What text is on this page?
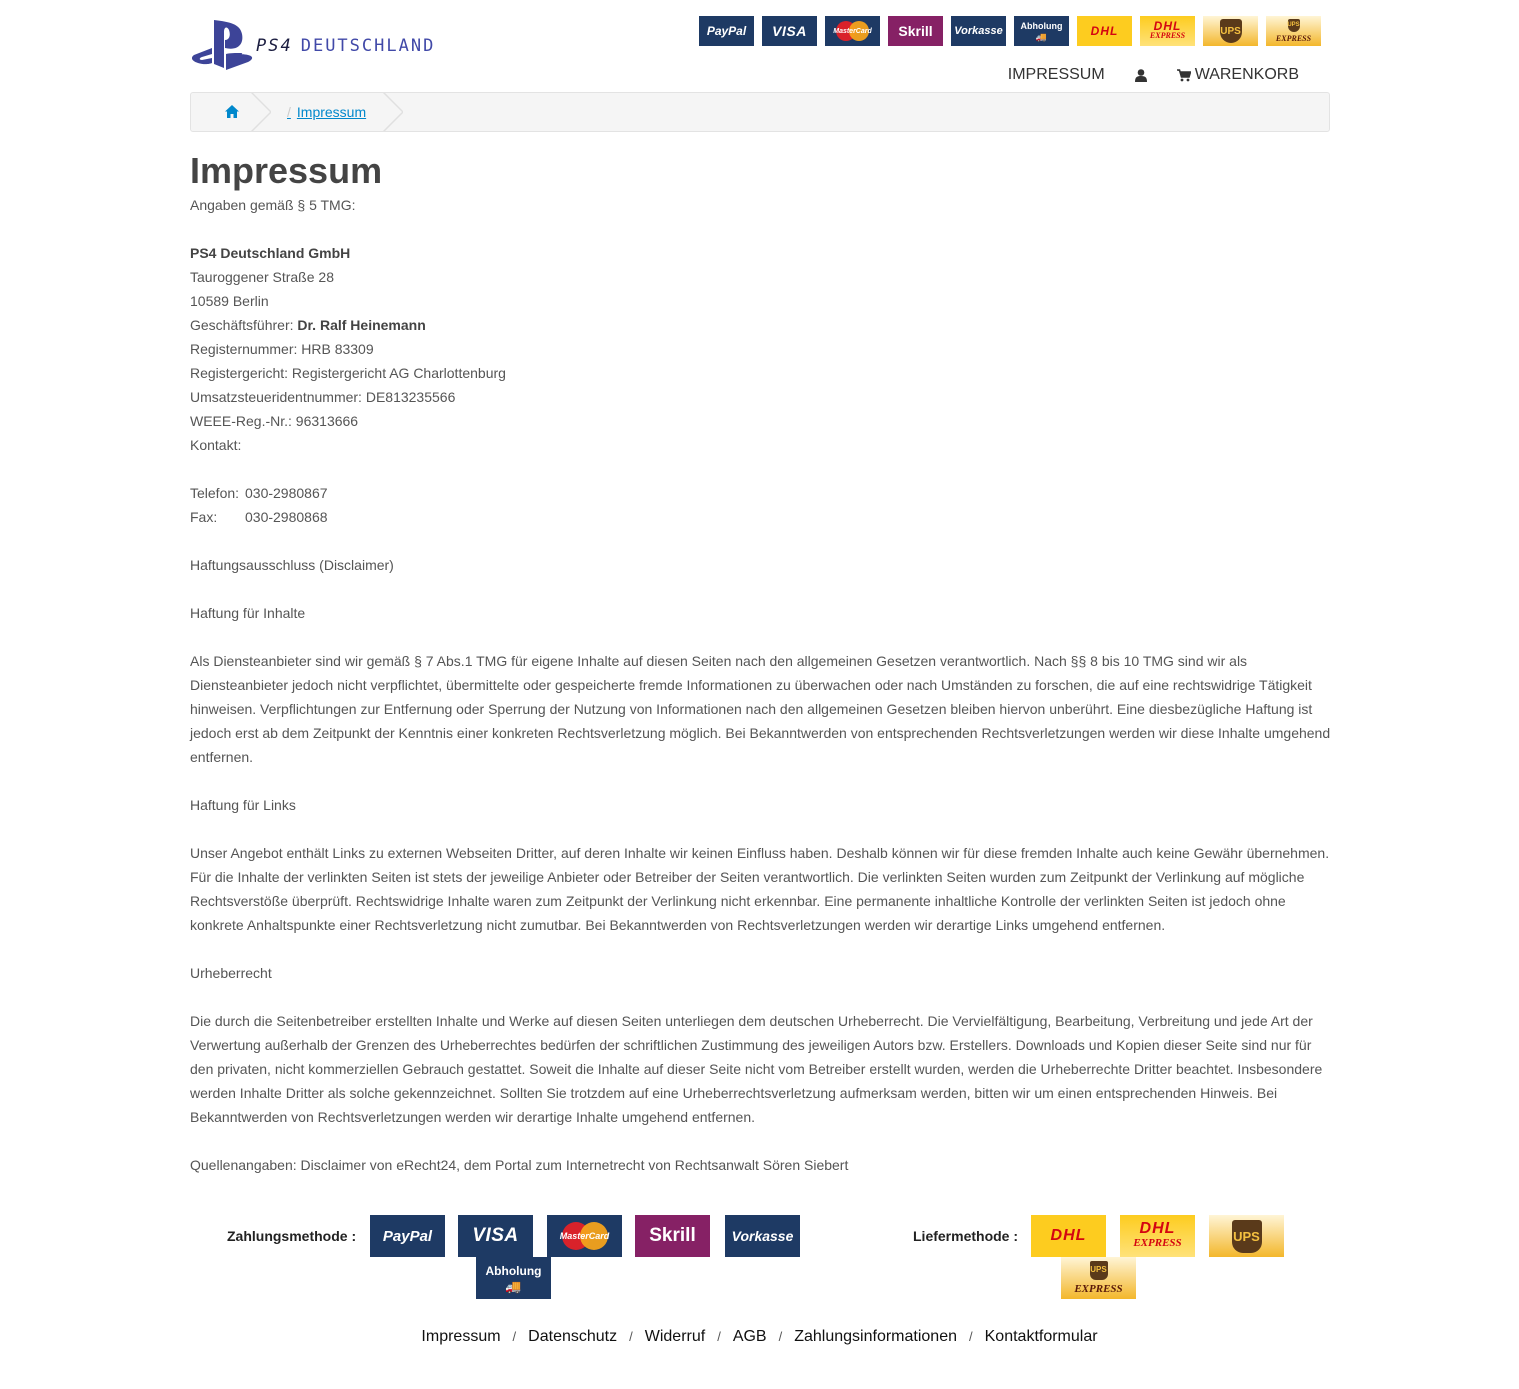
PS4 DEUTSCHLAND
PayPal VISA	MasterCard Skrill Vorkasse Abholung
🚚	DHL	DHL
EXPRESS	UPS
UPS
EXPRESS
IMPRESSUM	WARENKORB
/ Impressum
Impressum

Angaben gemäß § 5 TMG:

PS4 Deutschland GmbH

Tauroggener Straße 28

10589 Berlin

Geschäftsführer: Dr. Ralf Heinemann

Registernummer: HRB 83309

Registergericht: Registergericht AG Charlottenburg

Umsatzsteueridentnummer: DE813235566

WEEE-Reg.-Nr.: 96313666

Kontakt:

Telefon: 030-2980867

Fax: 030-2980868

Haftungsausschluss (Disclaimer)

Haftung für Inhalte

Als Diensteanbieter sind wir gemäß § 7 Abs.1 TMG für eigene Inhalte auf diesen Seiten nach den allgemeinen Gesetzen verantwortlich. Nach §§ 8 bis 10 TMG sind wir als Diensteanbieter jedoch nicht verpflichtet, übermittelte oder gespeicherte fremde Informationen zu überwachen oder nach Umständen zu forschen, die auf eine rechtswidrige Tätigkeit hinweisen. Verpflichtungen zur Entfernung oder Sperrung der Nutzung von Informationen nach den allgemeinen Gesetzen bleiben hiervon unberührt. Eine diesbezügliche Haftung ist jedoch erst ab dem Zeitpunkt der Kenntnis einer konkreten Rechtsverletzung möglich. Bei Bekanntwerden von entsprechenden Rechtsverletzungen werden wir diese Inhalte umgehend entfernen.

Haftung für Links

Unser Angebot enthält Links zu externen Webseiten Dritter, auf deren Inhalte wir keinen Einfluss haben. Deshalb können wir für diese fremden Inhalte auch keine Gewähr übernehmen. Für die Inhalte der verlinkten Seiten ist stets der jeweilige Anbieter oder Betreiber der Seiten verantwortlich. Die verlinkten Seiten wurden zum Zeitpunkt der Verlinkung auf mögliche Rechtsverstöße überprüft. Rechtswidrige Inhalte waren zum Zeitpunkt der Verlinkung nicht erkennbar. Eine permanente inhaltliche Kontrolle der verlinkten Seiten ist jedoch ohne konkrete Anhaltspunkte einer Rechtsverletzung nicht zumutbar. Bei Bekanntwerden von Rechtsverletzungen werden wir derartige Links umgehend entfernen.

Urheberrecht

Die durch die Seitenbetreiber erstellten Inhalte und Werke auf diesen Seiten unterliegen dem deutschen Urheberrecht. Die Vervielfältigung, Bearbeitung, Verbreitung und jede Art der Verwertung außerhalb der Grenzen des Urheberrechtes bedürfen der schriftlichen Zustimmung des jeweiligen Autors bzw. Erstellers. Downloads und Kopien dieser Seite sind nur für den privaten, nicht kommerziellen Gebrauch gestattet. Soweit die Inhalte auf dieser Seite nicht vom Betreiber erstellt wurden, werden die Urheberrechte Dritter beachtet. Insbesondere werden Inhalte Dritter als solche gekennzeichnet. Sollten Sie trotzdem auf eine Urheberrechtsverletzung aufmerksam werden, bitten wir um einen entsprechenden Hinweis. Bei Bekanntwerden von Rechtsverletzungen werden wir derartige Inhalte umgehend entfernen.

Quellenangaben: Disclaimer von eRecht24, dem Portal zum Internetrecht von Rechtsanwalt Sören Siebert

Zahlungsmethode : PayPal VISA	MasterCard Skrill	Vorkasse
Abholung
🚚
Liefermethode : DHL	DHL
EXPRESS	UPS
UPS
EXPRESS
Impressum / Datenschutz / Widerruf / AGB / Zahlungsinformationen / Kontaktformular
